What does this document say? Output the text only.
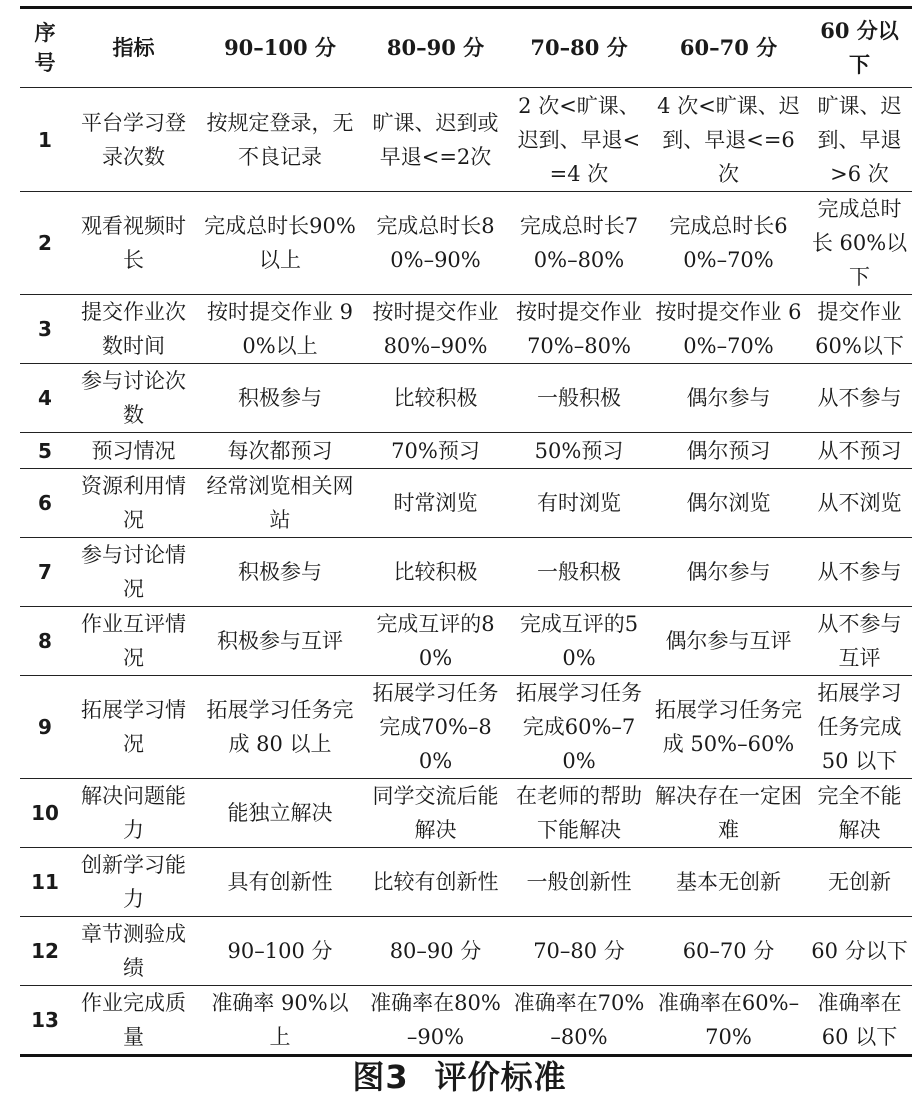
序号	指标	90–100 分	80–90 分	70–80 分	60–70 分	60 分以下
1	平台学习登录次数	按规定登录，无不良记录	旷课、迟到或早退<=2次	2 次<旷课、迟到、早退<=4 次	4 次<旷课、迟到、早退<=6 次	旷课、迟到、早退>6 次
2	观看视频时长	完成总时长90%以上	完成总时长80%–90%	完成总时长70%–80%	完成总时长60%–70%	完成总时长 60%以下
3	提交作业次数时间	按时提交作业 90%以上	按时提交作业 80%–90%	按时提交作业 70%–80%	按时提交作业 60%–70%	提交作业60%以下
4	参与讨论次数	积极参与	比较积极	一般积极	偶尔参与	从不参与
5	预习情况	每次都预习	70%预习	50%预习	偶尔预习	从不预习
6	资源利用情况	经常浏览相关网站	时常浏览	有时浏览	偶尔浏览	从不浏览
7	参与讨论情况	积极参与	比较积极	一般积极	偶尔参与	从不参与
8	作业互评情况	积极参与互评	完成互评的80%	完成互评的50%	偶尔参与互评	从不参与互评
9	拓展学习情况	拓展学习任务完成 80 以上	拓展学习任务完成70%–80%	拓展学习任务完成60%–70%	拓展学习任务完成 50%–60%	拓展学习任务完成50 以下
10	解决问题能力	能独立解决	同学交流后能解决	在老师的帮助下能解决	解决存在一定困难	完全不能解决
11	创新学习能力	具有创新性	比较有创新性	一般创新性	基本无创新	无创新
12	章节测验成绩	90–100 分	80–90 分	70–80 分	60–70 分	60 分以下
13	作业完成质量	准确率 90%以上	准确率在80%–90%	准确率在70%–80%	准确率在60%–70%	准确率在60 以下
图3 评价标准
